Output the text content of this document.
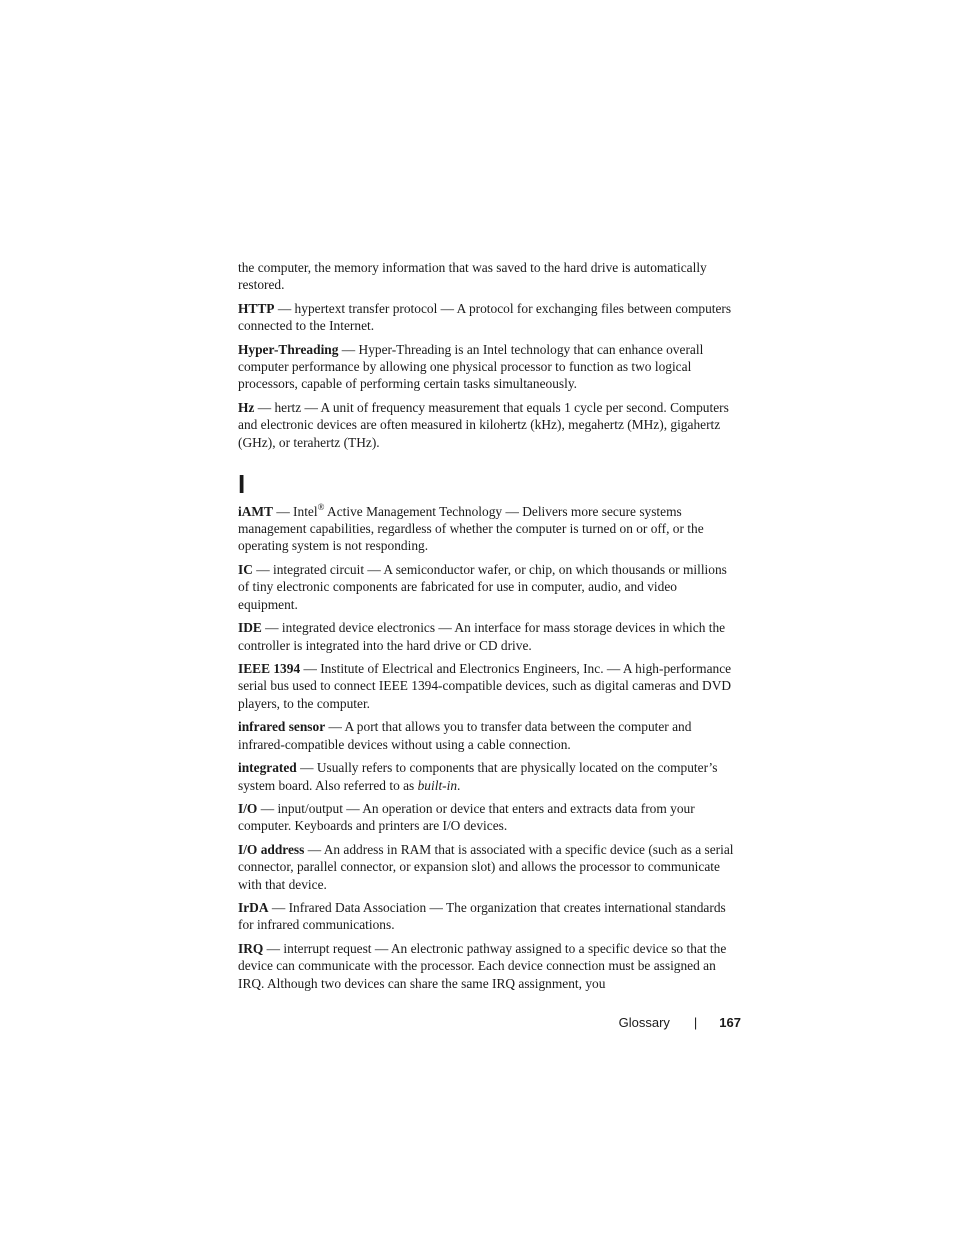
the computer, the memory information that was saved to the hard drive is automatically restored.

HTTP — hypertext transfer protocol — A protocol for exchanging files between computers connected to the Internet.

Hyper-Threading — Hyper-Threading is an Intel technology that can enhance overall computer performance by allowing one physical processor to function as two logical processors, capable of performing certain tasks simultaneously.

Hz — hertz — A unit of frequency measurement that equals 1 cycle per second. Computers and electronic devices are often measured in kilohertz (kHz), megahertz (MHz), gigahertz (GHz), or terahertz (THz).

I

iAMT — Intel® Active Management Technology — Delivers more secure systems management capabilities, regardless of whether the computer is turned on or off, or the operating system is not responding.

IC — integrated circuit — A semiconductor wafer, or chip, on which thousands or millions of tiny electronic components are fabricated for use in computer, audio, and video equipment.

IDE — integrated device electronics — An interface for mass storage devices in which the controller is integrated into the hard drive or CD drive.

IEEE 1394 — Institute of Electrical and Electronics Engineers, Inc. — A high-performance serial bus used to connect IEEE 1394-compatible devices, such as digital cameras and DVD players, to the computer.

infrared sensor — A port that allows you to transfer data between the computer and infrared-compatible devices without using a cable connection.

integrated — Usually refers to components that are physically located on the computer’s system board. Also referred to as built-in.

I/O — input/output — An operation or device that enters and extracts data from your computer. Keyboards and printers are I/O devices.

I/O address — An address in RAM that is associated with a specific device (such as a serial connector, parallel connector, or expansion slot) and allows the processor to communicate with that device.

IrDA — Infrared Data Association — The organization that creates international standards for infrared communications.

IRQ — interrupt request — An electronic pathway assigned to a specific device so that the device can communicate with the processor. Each device connection must be assigned an IRQ. Although two devices can share the same IRQ assignment, you

Glossary | 167
